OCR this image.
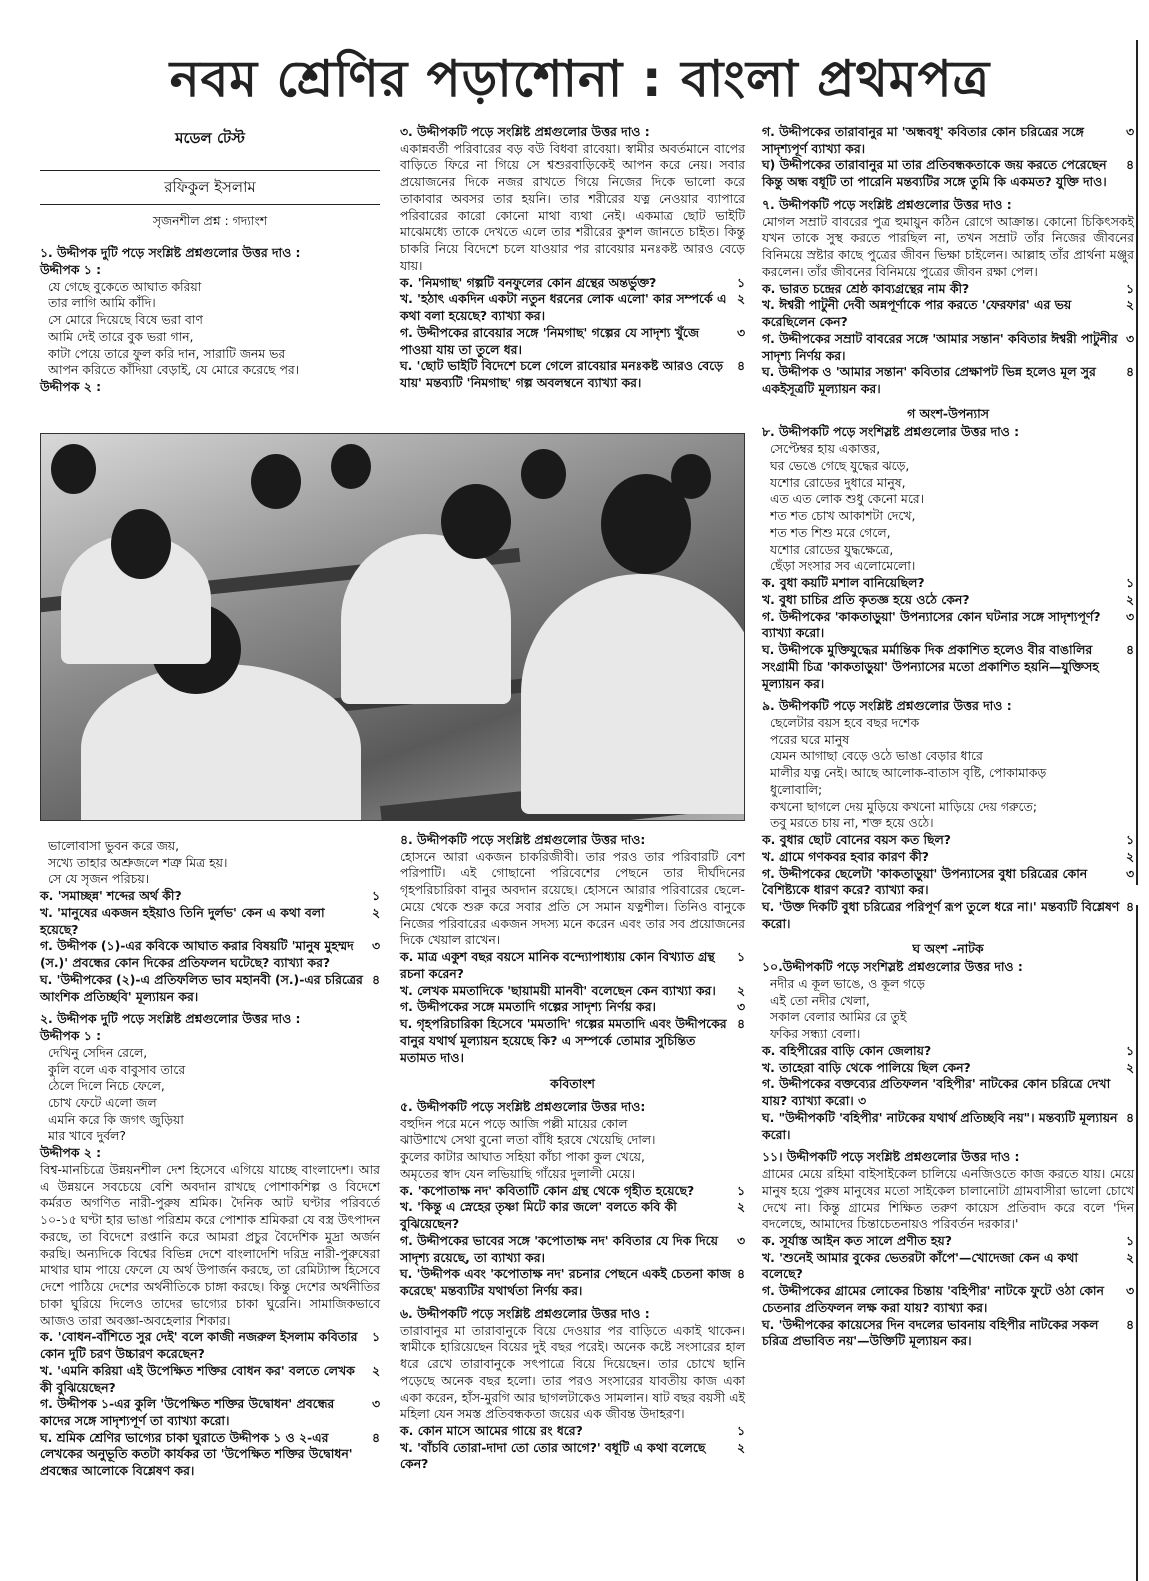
নবম শ্রেণির পড়াশোনা : বাংলা প্রথমপত্র
মডেল টেস্ট
রফিকুল ইসলাম
সৃজনশীল প্রশ্ন : গদ্যাংশ
১. উদ্দীপক দুটি পড়ে সংশ্লিষ্ট প্রশ্নগুলোর উত্তর দাও :
উদ্দীপক ১ :
যে গেছে বুকেতে আঘাত করিয়া
তার লাগি আমি কাঁদি।
সে মোরে দিয়েছে বিষে ভরা বাণ
আমি দেই তারে বুক ভরা গান,
কাটা পেয়ে তারে ফুল করি দান, সারাটি জনম ভর
আপন করিতে কাঁদিয়া বেড়াই, যে মোরে করেছে পর।
উদ্দীপক ২ :
ভালোবাসা ভুবন করে জয়,
সখ্যে তাহার অশ্রুজলে শত্রু মিত্র হয়।
সে যে সৃজন পরিচয়।
ক. 'সমাচ্ছন্ন' শব্দের অর্থ কী?	১
খ. 'মানুষের একজন হইয়াও তিনি দুর্লভ' কেন এ কথা বলা হয়েছে?
২
গ. উদ্দীপক (১)-এর কবিকে আঘাত করার বিষয়টি 'মানুষ মুহম্মদ (স.)' প্রবন্ধের কোন দিকের প্রতিফলন ঘটেছে? ব্যাখ্যা কর?
৩
ঘ. 'উদ্দীপকের (২)-এ প্রতিফলিত ভাব মহানবী (স.)-এর চরিত্রের আংশিক প্রতিচ্ছবি' মূল্যায়ন কর।
৪
২. উদ্দীপক দুটি পড়ে সংশ্লিষ্ট প্রশ্নগুলোর উত্তর দাও :
উদ্দীপক ১ :
দেখিনু সেদিন রেলে,
কুলি বলে এক বাবুসাব তারে
ঠেলে দিলে নিচে ফেলে,
চোখ ফেটে এলো জল
এমনি করে কি জগৎ জুড়িয়া
মার খাবে দুর্বল?
উদ্দীপক ২ :
বিশ্ব-মানচিত্রে উন্নয়নশীল দেশ হিসেবে এগিয়ে যাচ্ছে বাংলাদেশ। আর এ উন্নয়নে সবচেয়ে বেশি অবদান রাখছে পোশাকশিল্প ও বিদেশে কর্মরত অগণিত নারী-পুরুষ শ্রমিক। দৈনিক আট ঘণ্টার পরিবর্তে ১০-১৫ ঘণ্টা হার ভাঙা পরিশ্রম করে পোশাক শ্রমিকরা যে বস্ত্র উৎপাদন করছে, তা বিদেশে রপ্তানি করে আমরা প্রচুর বৈদেশিক মুদ্রা অর্জন করছি। অন্যদিকে বিশ্বের বিভিন্ন দেশে বাংলাদেশি দরিদ্র নারী-পুরুষেরা মাথার ঘাম পায়ে ফেলে যে অর্থ উপার্জন করছে, তা রেমিট্যান্স হিসেবে দেশে পাঠিয়ে দেশের অর্থনীতিকে চাঙ্গা করছে। কিন্তু দেশের অর্থনীতির চাকা ঘুরিয়ে দিলেও তাদের ভাগ্যের চাকা ঘুরেনি। সামাজিকভাবে আজও তারা অবজ্ঞা-অবহেলার শিকার।
ক. 'বোধন-বাঁশিতে সুর দেই' বলে কাজী নজরুল ইসলাম কবিতার কোন দুটি চরণ উচ্চারণ করেছেন?
১
খ. 'এমনি করিয়া এই উপেক্ষিত শক্তির বোধন কর' বলতে লেখক কী বুঝিয়েছেন?
২
গ. উদ্দীপক ১-এর কুলি 'উপেক্ষিত শক্তির উদ্বোধন' প্রবন্ধের কাদের সঙ্গে সাদৃশ্যপূর্ণ তা ব্যাখ্যা করো।
৩
ঘ. শ্রমিক শ্রেণির ভাগ্যের চাকা ঘুরাতে উদ্দীপক ১ ও ২-এর লেখকের অনুভূতি কতটা কার্যকর তা 'উপেক্ষিত শক্তির উদ্বোধন' প্রবন্ধের আলোকে বিশ্লেষণ কর।
৪
৩. উদ্দীপকটি পড়ে সংশ্লিষ্ট প্রশ্নগুলোর উত্তর দাও :
একান্নবর্তী পরিবারের বড় বউ বিধবা রাবেয়া। স্বামীর অবর্তমানে বাপের বাড়িতে ফিরে না গিয়ে সে শ্বশুরবাড়িকেই আপন করে নেয়। সবার প্রয়োজনের দিকে নজর রাখতে গিয়ে নিজের দিকে ভালো করে তাকাবার অবসর তার হয়নি। তার শরীরের যত্ন নেওয়ার ব্যাপারে পরিবারের কারো কোনো মাথা ব্যথা নেই। একমাত্র ছোট ভাইটি মাঝেমধ্যে তাকে দেখতে এলে তার শরীরের কুশল জানতে চাইত। কিন্তু চাকরি নিয়ে বিদেশে চলে যাওয়ার পর রাবেয়ার মনঃকষ্ট আরও বেড়ে যায়।
ক. 'নিমগাছ' গল্পটি বনফুলের কোন গ্রন্থের অন্তর্ভুক্ত?	১
খ. 'হঠাৎ একদিন একটা নতুন ধরনের লোক এলো' কার সম্পর্কে এ কথা বলা হয়েছে? ব্যাখ্যা কর।
২
গ. উদ্দীপকের রাবেয়ার সঙ্গে 'নিমগাছ' গল্পের যে সাদৃশ্য খুঁজে পাওয়া যায় তা তুলে ধর।
৩
ঘ. 'ছোট ভাইটি বিদেশে চলে গেলে রাবেয়ার মনঃকষ্ট আরও বেড়ে যায়' মন্তব্যটি 'নিমগাছ' গল্প অবলম্বনে ব্যাখ্যা কর।
৪
৪. উদ্দীপকটি পড়ে সংশ্লিষ্ট প্রশ্নগুলোর উত্তর দাও:
হোসনে আরা একজন চাকরিজীবী। তার পরও তার পরিবারটি বেশ পরিপাটি। এই গোছানো পরিবেশের পেছনে তার দীর্ঘদিনের গৃহপরিচারিকা বানুর অবদান রয়েছে। হোসনে আরার পরিবারের ছেলে-মেয়ে থেকে শুরু করে সবার প্রতি সে সমান যত্নশীল। তিনিও বানুকে নিজের পরিবারের একজন সদস্য মনে করেন এবং তার সব প্রয়োজনের দিকে খেয়াল রাখেন।
ক. মাত্র একুশ বছর বয়সে মানিক বন্দ্যোপাধ্যায় কোন বিখ্যাত গ্রন্থ রচনা করেন?
১
খ. লেখক মমতাদিকে 'ছায়াময়ী মানবী' বলেছেন কেন ব্যাখ্যা কর। ২
গ. উদ্দীপকের সঙ্গে মমতাদি গল্পের সাদৃশ্য নির্ণয় কর।	৩
ঘ. গৃহপরিচারিকা হিসেবে 'মমতাদি' গল্পের মমতাদি এবং উদ্দীপকের বানুর যথার্থ মূল্যায়ন হয়েছে কি? এ সম্পর্কে তোমার সুচিন্তিত মতামত দাও।
৪
কবিতাংশ
৫. উদ্দীপকটি পড়ে সংশ্লিষ্ট প্রশ্নগুলোর উত্তর দাও:
বহুদিন পরে মনে পড়ে আজি পল্লী মায়ের কোল
ঝাউশাখে সেথা বুনো লতা বাঁধি হরষে খেয়েছি দোল।
কুলের কাটার আঘাত সহিয়া কাঁচা পাকা কুল খেয়ে,
অমৃতের স্বাদ যেন লভিয়াছি গাঁয়ের দুলালী মেয়ে।
ক. 'কপোতাক্ষ নদ' কবিতাটি কোন গ্রন্থ থেকে গৃহীত হয়েছে?	১
খ. 'কিন্তু এ স্নেহের তৃষ্ণা মিটে কার জলে' বলতে কবি কী বুঝিয়েছেন?
২
গ. উদ্দীপকের ভাবের সঙ্গে 'কপোতাক্ষ নদ' কবিতার যে দিক দিয়ে সাদৃশ্য রয়েছে, তা ব্যাখ্যা কর।
৩
ঘ. 'উদ্দীপক এবং 'কপোতাক্ষ নদ' রচনার পেছনে একই চেতনা কাজ করেছে' মন্তব্যটির যথার্থতা নির্ণয় কর।
৪
৬. উদ্দীপকটি পড়ে সংশ্লিষ্ট প্রশ্নগুলোর উত্তর দাও :
তারাবানুর মা তারাবানুকে বিয়ে দেওয়ার পর বাড়িতে একাই থাকেন। স্বামীকে হারিয়েছেন বিয়ের দুই বছর পরেই। অনেক কষ্টে সংসারের হাল ধরে রেখে তারাবানুকে সৎপাত্রে বিয়ে দিয়েছেন। তার চোখে ছানি পড়েছে অনেক বছর হলো। তার পরও সংসারের যাবতীয় কাজ একা একা করেন, হাঁস-মুরগি আর ছাগলটাকেও সামলান। ষাট বছর বয়সী এই মহিলা যেন সমস্ত প্রতিবন্ধকতা জয়ের এক জীবন্ত উদাহরণ।
ক. কোন মাসে আমের গায়ে রং ধরে?	১
খ. 'বাঁচবি তোরা-দাদা তো তোর আগে?' বধূটি এ কথা বলেছে কেন?
২
গ. উদ্দীপকের তারাবানুর মা 'অন্ধবধূ' কবিতার কোন চরিত্রের সঙ্গে সাদৃশ্যপূর্ণ ব্যাখ্যা কর।
৩
ঘ) উদ্দীপকের তারাবানুর মা তার প্রতিবন্ধকতাকে জয় করতে পেরেছেন কিন্তু অন্ধ বধূটি তা পারেনি মন্তব্যটির সঙ্গে তুমি কি একমত? যুক্তি দাও।
৪
৭. উদ্দীপকটি পড়ে সংশ্লিষ্ট প্রশ্নগুলোর উত্তর দাও :
মোগল সম্রাট বাবরের পুত্র হুমায়ুন কঠিন রোগে আক্রান্ত। কোনো চিকিৎসকই যখন তাকে সুস্থ করতে পারছিল না, তখন সম্রাট তাঁর নিজের জীবনের বিনিময়ে স্রষ্টার কাছে পুত্রের জীবন ভিক্ষা চাইলেন। আল্লাহ তাঁর প্রার্থনা মঞ্জুর করলেন। তাঁর জীবনের বিনিময়ে পুত্রের জীবন রক্ষা পেল।
ক. ভারত চন্দ্রের শ্রেষ্ঠ কাব্যগ্রন্থের নাম কী?	১
খ. ঈশ্বরী পাটুনী দেবী অন্নপূর্ণাকে পার করতে 'ফেরফার' এর ভয় করেছিলেন কেন?
২
গ. উদ্দীপকের সম্রাট বাবরের সঙ্গে 'আমার সন্তান' কবিতার ঈশ্বরী পাটুনীর সাদৃশ্য নির্ণয় কর।
৩
ঘ. উদ্দীপক ও 'আমার সন্তান' কবিতার প্রেক্ষাপট ভিন্ন হলেও মূল সুর একইসূত্রটি মূল্যায়ন কর।
৪
গ অংশ-উপন্যাস
৮. উদ্দীপকটি পড়ে সংশিস্লষ্ট প্রশ্নগুলোর উত্তর দাও :
সেপ্টেম্বর হায় একাত্তর,
ঘর ভেঙে গেছে যুদ্ধের ঝড়ে,
যশোর রোডের দুধারে মানুষ,
এত এত লোক শুধু কেনো মরে।
শত শত চোখ আকাশটা দেখে,
শত শত শিশু মরে গেলে,
যশোর রোডের যুদ্ধক্ষেত্রে,
ছেঁড়া সংসার সব এলোমেলো।
ক. বুধা কয়টি মশাল বানিয়েছিল?	১
খ. বুধা চাচির প্রতি কৃতজ্ঞ হয়ে ওঠে কেন?	২
গ. উদ্দীপকের 'কাকতাড়ুয়া' উপন্যাসের কোন ঘটনার সঙ্গে সাদৃশ্যপূর্ণ? ব্যাখ্যা করো।
৩
ঘ. উদ্দীপকে মুক্তিযুদ্ধের মর্মান্তিক দিক প্রকাশিত হলেও বীর বাঙালির সংগ্রামী চিত্র 'কাকতাড়ুয়া' উপন্যাসের মতো প্রকাশিত হয়নি—যুক্তিসহ মূল্যায়ন কর।
৪
৯. উদ্দীপকটি পড়ে সংশ্লিষ্ট প্রশ্নগুলোর উত্তর দাও :
ছেলেটার বয়স হবে বছর দশেক
পরের ঘরে মানুষ
যেমন আগাছা বেড়ে ওঠে ভাঙা বেড়ার ধারে
মালীর যত্ন নেই। আছে আলোক-বাতাস বৃষ্টি, পোকামাকড়
ধুলোবালি;
কখনো ছাগলে দেয় মুড়িয়ে কখনো মাড়িয়ে দেয় গরুতে;
তবু মরতে চায় না, শক্ত হয়ে ওঠে।
ক. বুধার ছোট বোনের বয়স কত ছিল?	১
খ. গ্রামে গণকবর হবার কারণ কী?	২
গ. উদ্দীপকের ছেলেটা 'কাকতাড়ুয়া' উপন্যাসের বুধা চরিত্রের কোন বৈশিষ্ট্যকে ধারণ করে? ব্যাখ্যা কর।
৩
ঘ. 'উক্ত দিকটি বুধা চরিত্রের পরিপূর্ণ রূপ তুলে ধরে না।' মন্তব্যটি বিশ্লেষণ করো।
৪
ঘ অংশ -নাটক
১০.উদ্দীপকটি পড়ে সংশিস্লষ্ট প্রশ্নগুলোর উত্তর দাও :
নদীর এ কূল ভাঙে, ও কূল গড়ে
এই তো নদীর খেলা,
সকাল বেলার আমির রে তুই
ফকির সন্ধ্যা বেলা।
ক. বহিপীরের বাড়ি কোন জেলায়?	১
খ. তাহেরা বাড়ি থেকে পালিয়ে ছিল কেন?	২
গ. উদ্দীপকের বক্তব্যের প্রতিফলন 'বহিপীর' নাটকের কোন চরিত্রে দেখা যায়? ব্যাখ্যা করো। ৩
ঘ. "উদ্দীপকটি 'বহিপীর' নাটকের যথার্থ প্রতিচ্ছবি নয়"। মন্তব্যটি মূল্যায়ন করো।
৪
১১। উদ্দীপকটি পড়ে সংশ্লিষ্ট প্রশ্নগুলোর উত্তর দাও :
গ্রামের মেয়ে রহিমা বাইসাইকেল চালিয়ে এনজিওতে কাজ করতে যায়। মেয়ে মানুষ হয়ে পুরুষ মানুষের মতো সাইকেল চালানোটা গ্রামবাসীরা ভালো চোখে দেখে না। কিন্তু গ্রামের শিক্ষিত তরুণ কায়েস প্রতিবাদ করে বলে 'দিন বদলেছে, আমাদের চিন্তাচেতনায়ও পরিবর্তন দরকার।'
ক. সূর্যাস্ত আইন কত সালে প্রণীত হয়?	১
খ. 'শুনেই আমার বুকের ভেতরটা কাঁপে'—খোদেজা কেন এ কথা বলেছে?
২
গ. উদ্দীপকের গ্রামের লোকের চিন্তায় 'বহিপীর' নাটকে ফুটে ওঠা কোন চেতনার প্রতিফলন লক্ষ করা যায়? ব্যাখ্যা কর।
৩
ঘ. 'উদ্দীপকের কায়েসের দিন বদলের ভাবনায় বহিপীর নাটকের সকল চরিত্র প্রভাবিত নয়'—উক্তিটি মূল্যায়ন কর।
৪
